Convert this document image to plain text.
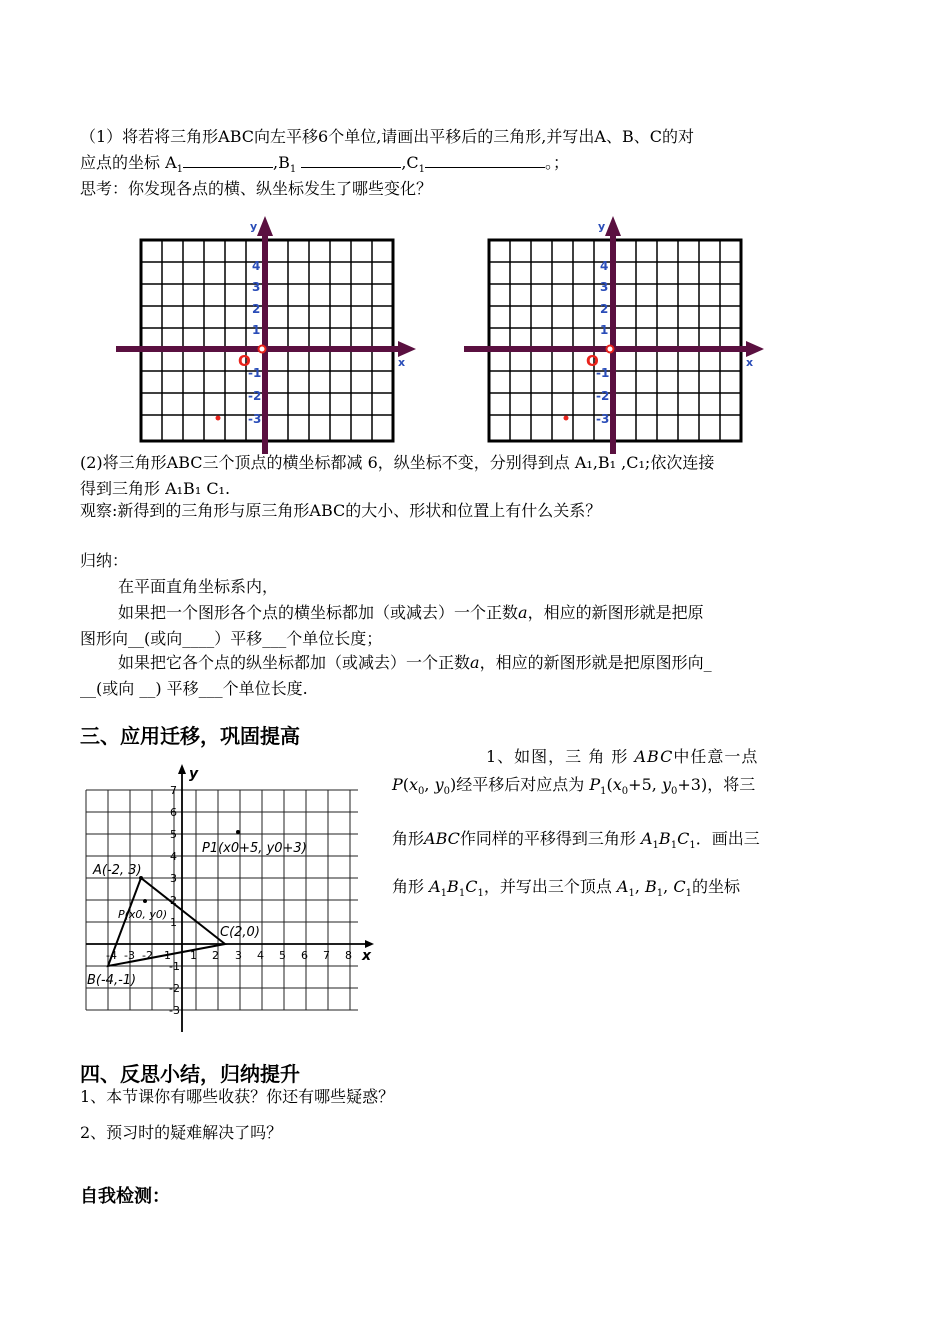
（1）将若将三角形ABC向左平移6个单位,请画出平移后的三角形,并写出A、B、C的对
应点的坐标 $A_1$	$,B_1$	$,C_1$	。；
思考：你发现各点的横、纵坐标发生了哪些变化？
y
x
O
4
3
2
1
-1
-2
-3
y
x
O
4
3
2
1
-1
-2
-3
(2)将三角形ABC三个顶点的横坐标都减 6，纵坐标不变，分别得到点 A₁,B₁ ,C₁;依次连接
得到三角形 A₁B₁ C₁.
观察:新得到的三角形与原三角形ABC的大小、形状和位置上有什么关系？
归纳：
在平面直角坐标系内，
如果把一个图形各个点的横坐标都加（或减去）一个正数a，相应的新图形就是把原
图形向__(或向____）平移___个单位长度；
如果把它各个点的纵坐标都加（或减去）一个正数a，相应的新图形就是把原图形向_
__(或向 __) 平移___个单位长度.
三、应用迁移，巩固提高
y
x
7
6
5
4
3
2
1
-1
-2
-3
-4 -3 -2 -1 1 2 3 4 5 6 7 8
A(-2, 3)
B(-4,-1)
C(2,0)
P(x0, y0)
P1(x0+5, y0+3)
1、如图，三 角 形 ABC中任意一点
$P(x_0$, $y_0$)经平移后对应点为 $P_1(x_0+5$, $y_0+3$)，将三
角形ABC作同样的平移得到三角形 $A_1B_1C_1$．画出三
角形 $A_1B_1C_1$，并写出三个顶点 $A_1$, $B_1$, $C_1$的坐标
四、反思小结，归纳提升
1、本节课你有哪些收获？你还有哪些疑惑？
2、预习时的疑难解决了吗？
自我检测：
